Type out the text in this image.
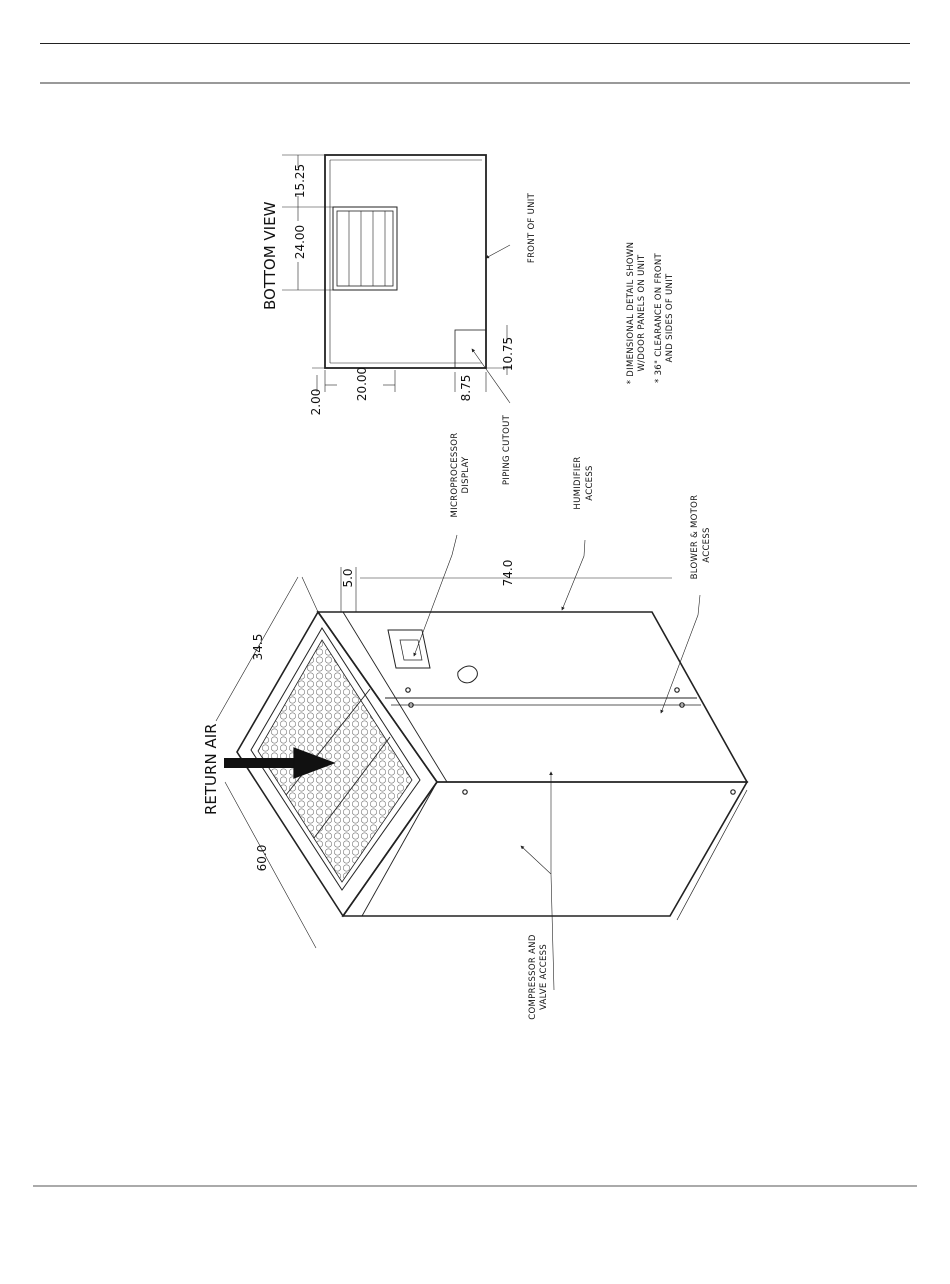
BOTTOM VIEW
15.25
24.00
10.75
8.75
2.00
20.00
FRONT OF UNIT
PIPING CUTOUT
* DIMENSIONAL DETAIL SHOWN W/DOOR PANELS ON UNIT * 36" CLEARANCE ON FRONT AND SIDES OF UNIT
RETURN AIR
34.5
60.0
74.0
5.0
MICROPROCESSOR DISPLAY	HUMIDIFIER ACCESS
BLOWER & MOTOR ACCESS
COMPRESSOR AND VALVE ACCESS
